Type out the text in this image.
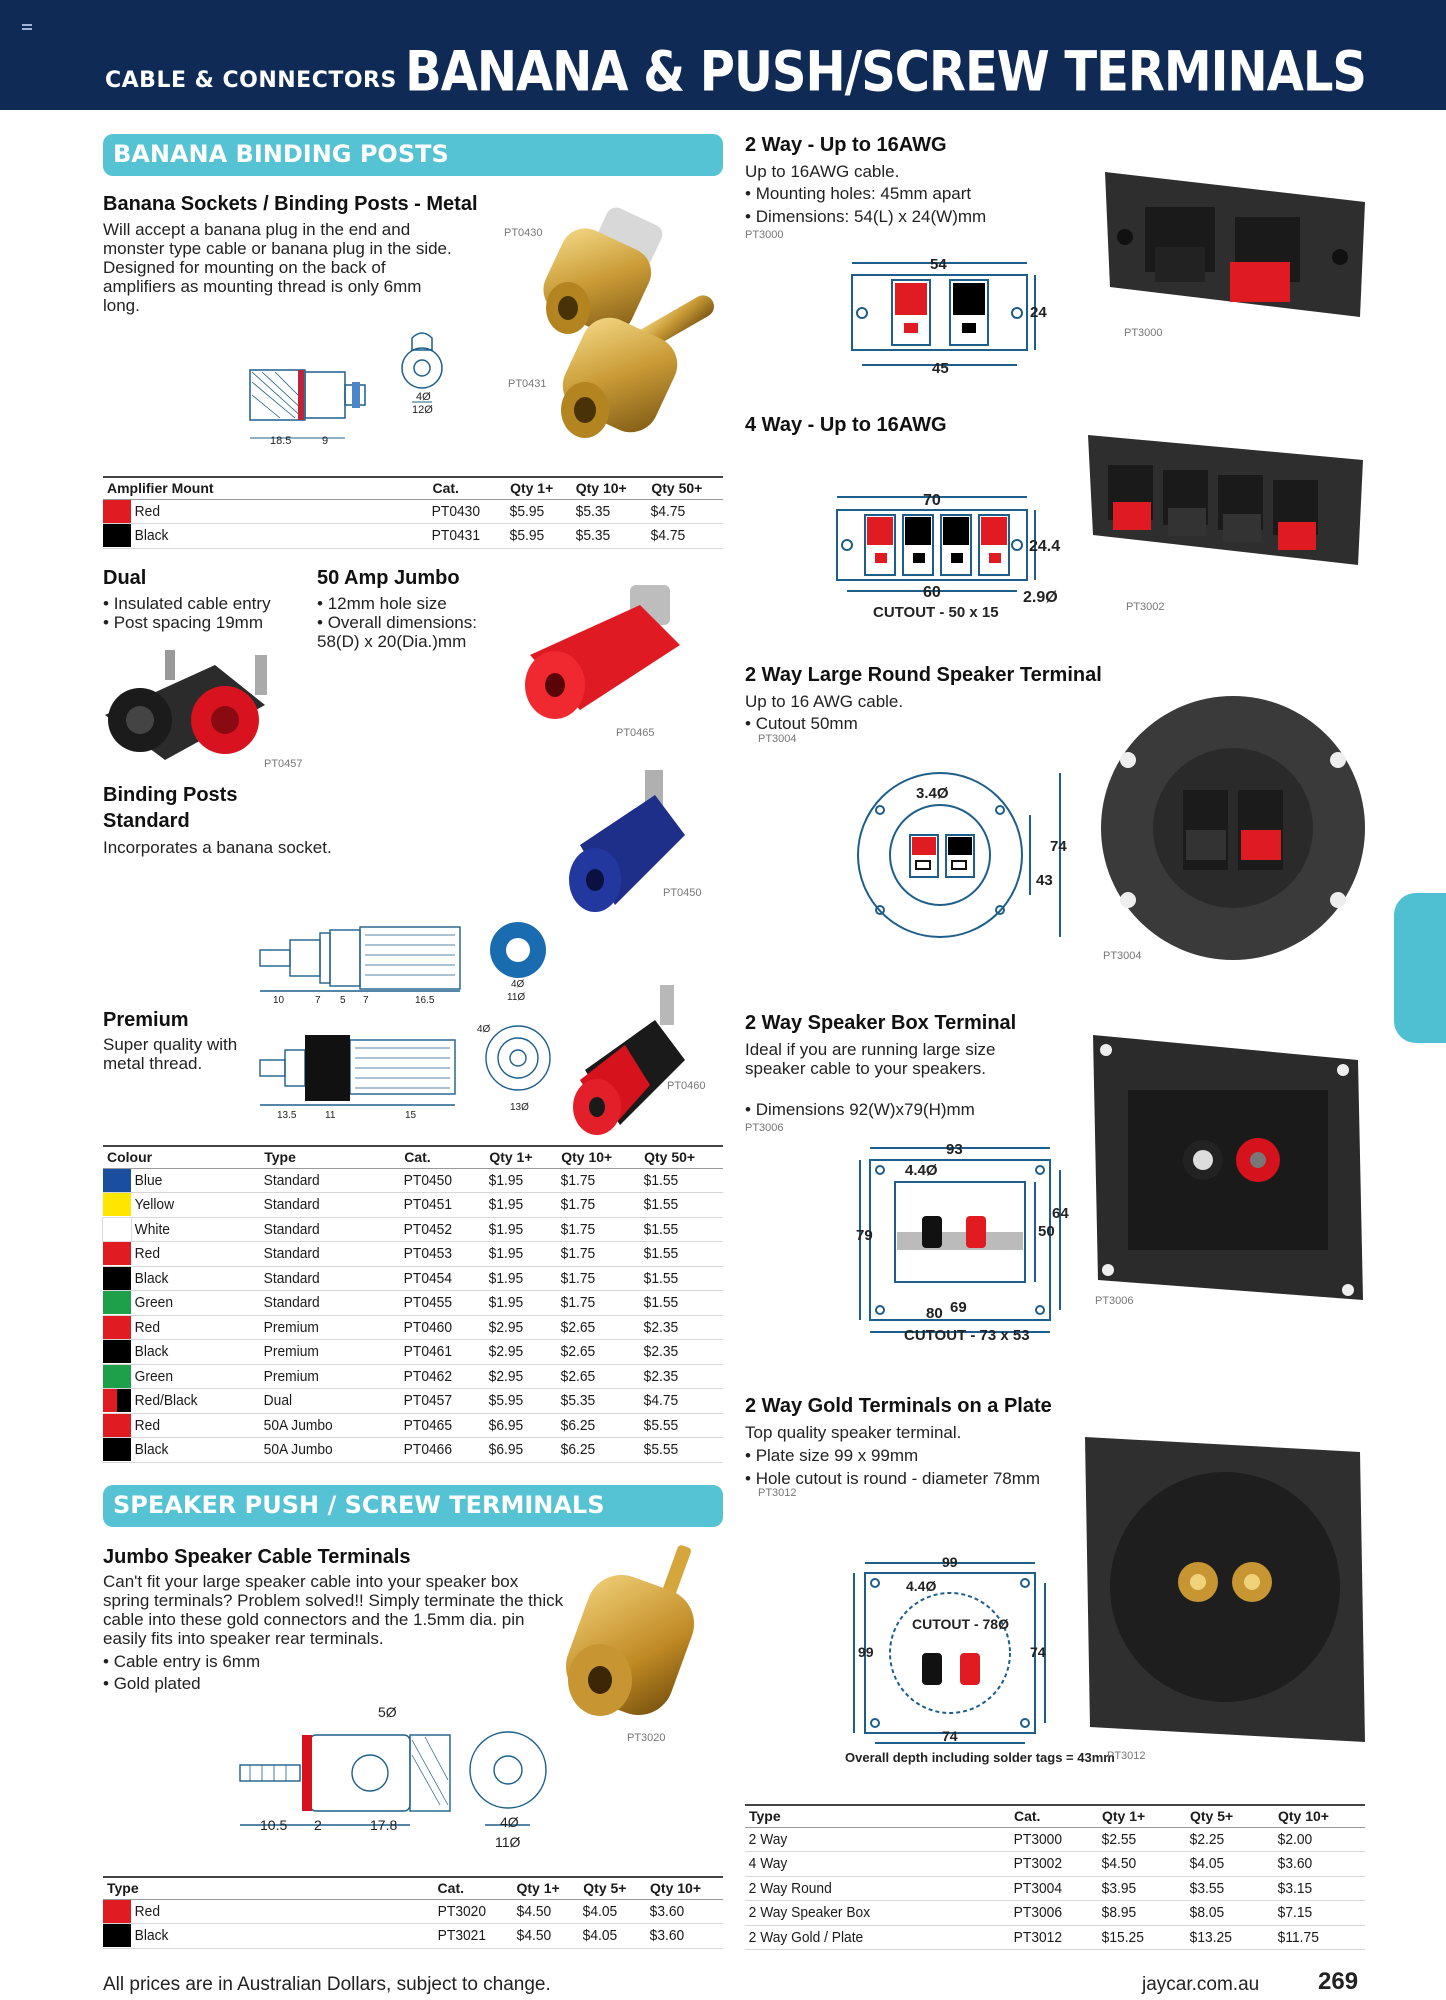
CABLE & CONNECTORS BANANA & PUSH/SCREW TERMINALS
BANANA BINDING POSTS
Banana Sockets / Binding Posts - Metal
Will accept a banana plug in the end and monster type cable or banana plug in the side. Designed for mounting on the back of amplifiers as mounting thread is only 6mm long.
PT0430
PT0431
18.5	9
4Ø
12Ø
Amplifier Mount		Cat.	Qty 1+	Qty 10+	Qty 50+
	Red	PT0430	$5.95	$5.35	$4.75
	Black	PT0431	$5.95	$5.35	$4.75
Dual
• Insulated cable entry
• Post spacing 19mm
50 Amp Jumbo
• 12mm hole size
• Overall dimensions: 58(D) x 20(Dia.)mm
PT0457
PT0465
Binding Posts
Standard
Incorporates a banana socket.
PT0450
10	7 5 7	16.5
4Ø
11Ø
Premium
Super quality with metal thread.
13.5	11	15
4Ø
13Ø
PT0460
Colour		Type	Cat.	Qty 1+	Qty 10+	Qty 50+
	Blue	Standard	PT0450	$1.95	$1.75	$1.55
	Yellow	Standard	PT0451	$1.95	$1.75	$1.55
	White	Standard	PT0452	$1.95	$1.75	$1.55
	Red	Standard	PT0453	$1.95	$1.75	$1.55
	Black	Standard	PT0454	$1.95	$1.75	$1.55
	Green	Standard	PT0455	$1.95	$1.75	$1.55
	Red	Premium	PT0460	$2.95	$2.65	$2.35
	Black	Premium	PT0461	$2.95	$2.65	$2.35
	Green	Premium	PT0462	$2.95	$2.65	$2.35
	Red/Black	Dual	PT0457	$5.95	$5.35	$4.75
	Red	50A Jumbo	PT0465	$6.95	$6.25	$5.55
	Black	50A Jumbo	PT0466	$6.95	$6.25	$5.55
SPEAKER PUSH / SCREW TERMINALS
Jumbo Speaker Cable Terminals
Can't fit your large speaker cable into your speaker box spring terminals? Problem solved!! Simply terminate the thick cable into these gold connectors and the 1.5mm dia. pin easily fits into speaker rear terminals.
• Cable entry is 6mm
• Gold plated
PT3020
5Ø
10.5 2	17.8	4Ø
11Ø
Type		Cat.	Qty 1+	Qty 5+	Qty 10+
	Red	PT3020	$4.50	$4.05	$3.60
	Black	PT3021	$4.50	$4.05	$3.60
2 Way - Up to 16AWG
Up to 16AWG cable.
• Mounting holes: 45mm apart
• Dimensions: 54(L) x 24(W)mm
PT3000
54
24
45
PT3000
4 Way - Up to 16AWG
70
24.4
60	2.9Ø
CUTOUT - 50 x 15	PT3002
2 Way Large Round Speaker Terminal
Up to 16 AWG cable.
• Cutout 50mm
PT3004
3.4Ø
74
43
PT3004
2 Way Speaker Box Terminal
Ideal if you are running large size speaker cable to your speakers.
• Dimensions 92(W)x79(H)mm
PT3006
93
4.4Ø
79
64
50
80 69
CUTOUT - 73 x 53
PT3006
2 Way Gold Terminals on a Plate
Top quality speaker terminal.
• Plate size 99 x 99mm
• Hole cutout is round - diameter 78mm
PT3012
99
4.4Ø
CUTOUT - 78Ø
99	74
74
Overall depth including solder tags = 43mm
PT3012
Type	Cat.	Qty 1+	Qty 5+	Qty 10+
2 Way	PT3000	$2.55	$2.25	$2.00
4 Way	PT3002	$4.50	$4.05	$3.60
2 Way Round	PT3004	$3.95	$3.55	$3.15
2 Way Speaker Box	PT3006	$8.95	$8.05	$7.15
2 Way Gold / Plate	PT3012	$15.25	$13.25	$11.75
All prices are in Australian Dollars, subject to change.	jaycar.com.au 269
